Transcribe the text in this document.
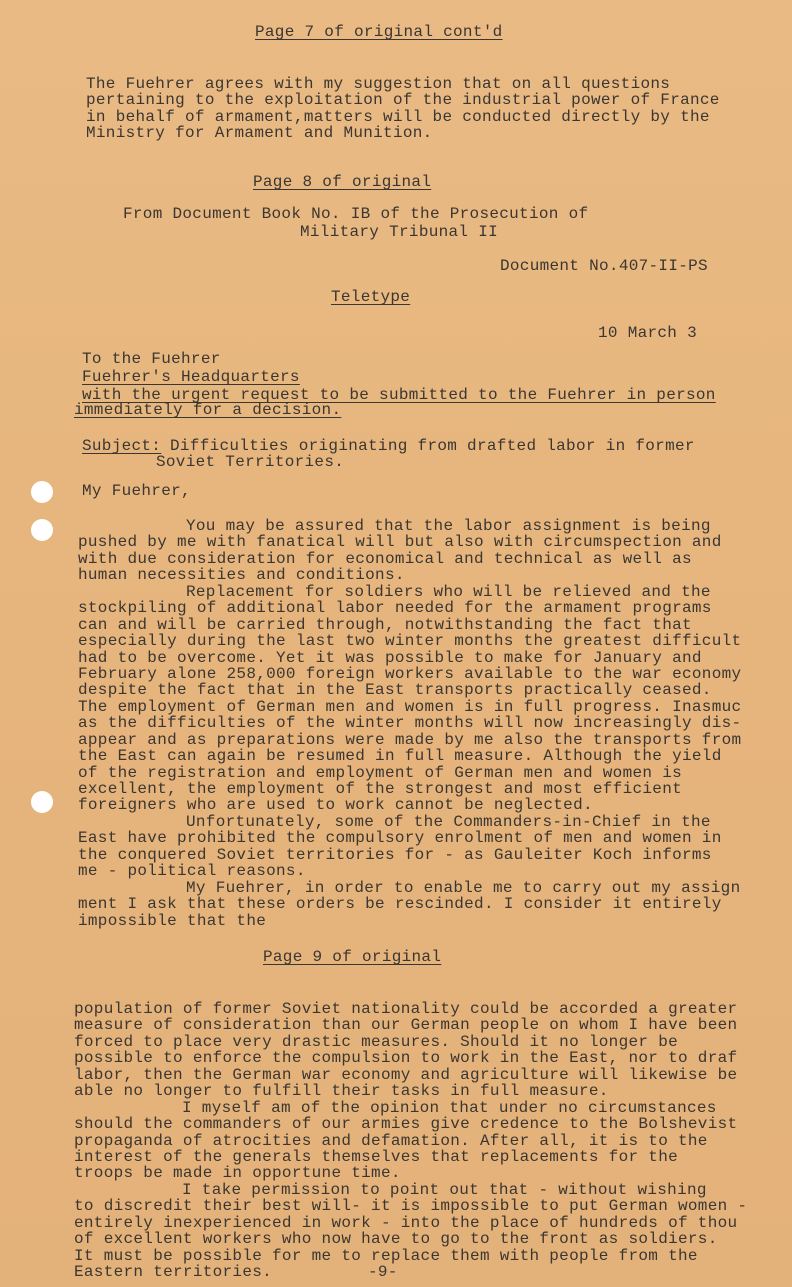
Page 7 of original cont'd
The Fuehrer agrees with my suggestion that on all questions
pertaining to the exploitation of the industrial power of France
in behalf of armament,matters will be conducted directly by the
Ministry for Armament and Munition.
Page 8 of original
From Document Book No. IB of the Prosecution of
Military Tribunal II
Document No.407-II-PS
Teletype
10 March 3
To the Fuehrer
Fuehrer's Headquarters
with the urgent request to be submitted to the Fuehrer in person
immediately for a decision.
Subject: Difficulties originating from drafted labor in former
Soviet Territories.
My Fuehrer,
You may be assured that the labor assignment is being
pushed by me with fanatical will but also with circumspection and
with due consideration for economical and technical as well as
human necessities and conditions.
Replacement for soldiers who will be relieved and the
stockpiling of additional labor needed for the armament programs
can and will be carried through, notwithstanding the fact that
especially during the last two winter months the greatest difficult
had to be overcome. Yet it was possible to make for January and
February alone 258,000 foreign workers available to the war economy
despite the fact that in the East transports practically ceased.
The employment of German men and women is in full progress. Inasmuc
as the difficulties of the winter months will now increasingly dis-
appear and as preparations were made by me also the transports from
the East can again be resumed in full measure. Although the yield
of the registration and employment of German men and women is
excellent, the employment of the strongest and most efficient
foreigners who are used to work cannot be neglected.
Unfortunately, some of the Commanders-in-Chief in the
East have prohibited the compulsory enrolment of men and women in
the conquered Soviet territories for - as Gauleiter Koch informs
me - political reasons.
My Fuehrer, in order to enable me to carry out my assign
ment I ask that these orders be rescinded. I consider it entirely
impossible that the
Page 9 of original
population of former Soviet nationality could be accorded a greater
measure of consideration than our German people on whom I have been
forced to place very drastic measures. Should it no longer be
possible to enforce the compulsion to work in the East, nor to draf
labor, then the German war economy and agriculture will likewise be
able no longer to fulfill their tasks in full measure.
I myself am of the opinion that under no circumstances
should the commanders of our armies give credence to the Bolshevist
propaganda of atrocities and defamation. After all, it is to the
interest of the generals themselves that replacements for the
troops be made in opportune time.
I take permission to point out that - without wishing
to discredit their best will- it is impossible to put German women -
entirely inexperienced in work - into the place of hundreds of thou
of excellent workers who now have to go to the front as soldiers.
It must be possible for me to replace them with people from the
Eastern territories.	-9-
